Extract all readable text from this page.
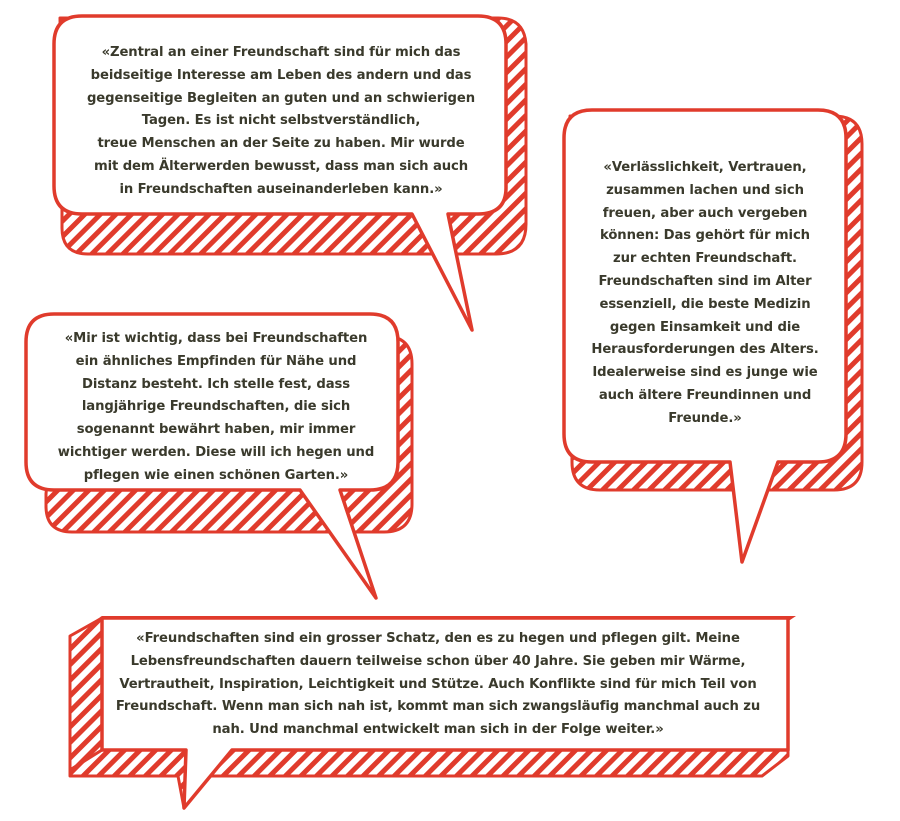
«Zentral an einer Freundschaft sind für mich das
beidseitige Interesse am Leben des andern und das
gegenseitige Begleiten an guten und an schwierigen
Tagen. Es ist nicht selbstverständlich,
treue Menschen an der Seite zu haben. Mir wurde
mit dem Älterwerden bewusst, dass man sich auch
in Freundschaften auseinanderleben kann.»
«Verlässlichkeit, Vertrauen,
zusammen lachen und sich
freuen, aber auch vergeben
können: Das gehört für mich
zur echten Freundschaft.
Freundschaften sind im Alter
essenziell, die beste Medizin
gegen Einsamkeit und die
Herausforderungen des Alters.
Idealerweise sind es junge wie
auch ältere Freundinnen und
Freunde.»
«Mir ist wichtig, dass bei Freundschaften
ein ähnliches Empfinden für Nähe und
Distanz besteht. Ich stelle fest, dass
langjährige Freundschaften, die sich
sogenannt bewährt haben, mir immer
wichtiger werden. Diese will ich hegen und
pflegen wie einen schönen Garten.»
«Freundschaften sind ein grosser Schatz, den es zu hegen und pflegen gilt. Meine
Lebensfreundschaften dauern teilweise schon über 40 Jahre. Sie geben mir Wärme,
Vertrautheit, Inspiration, Leichtigkeit und Stütze. Auch Konflikte sind für mich Teil von
Freundschaft. Wenn man sich nah ist, kommt man sich zwangsläufig manchmal auch zu
nah. Und manchmal entwickelt man sich in der Folge weiter.»
